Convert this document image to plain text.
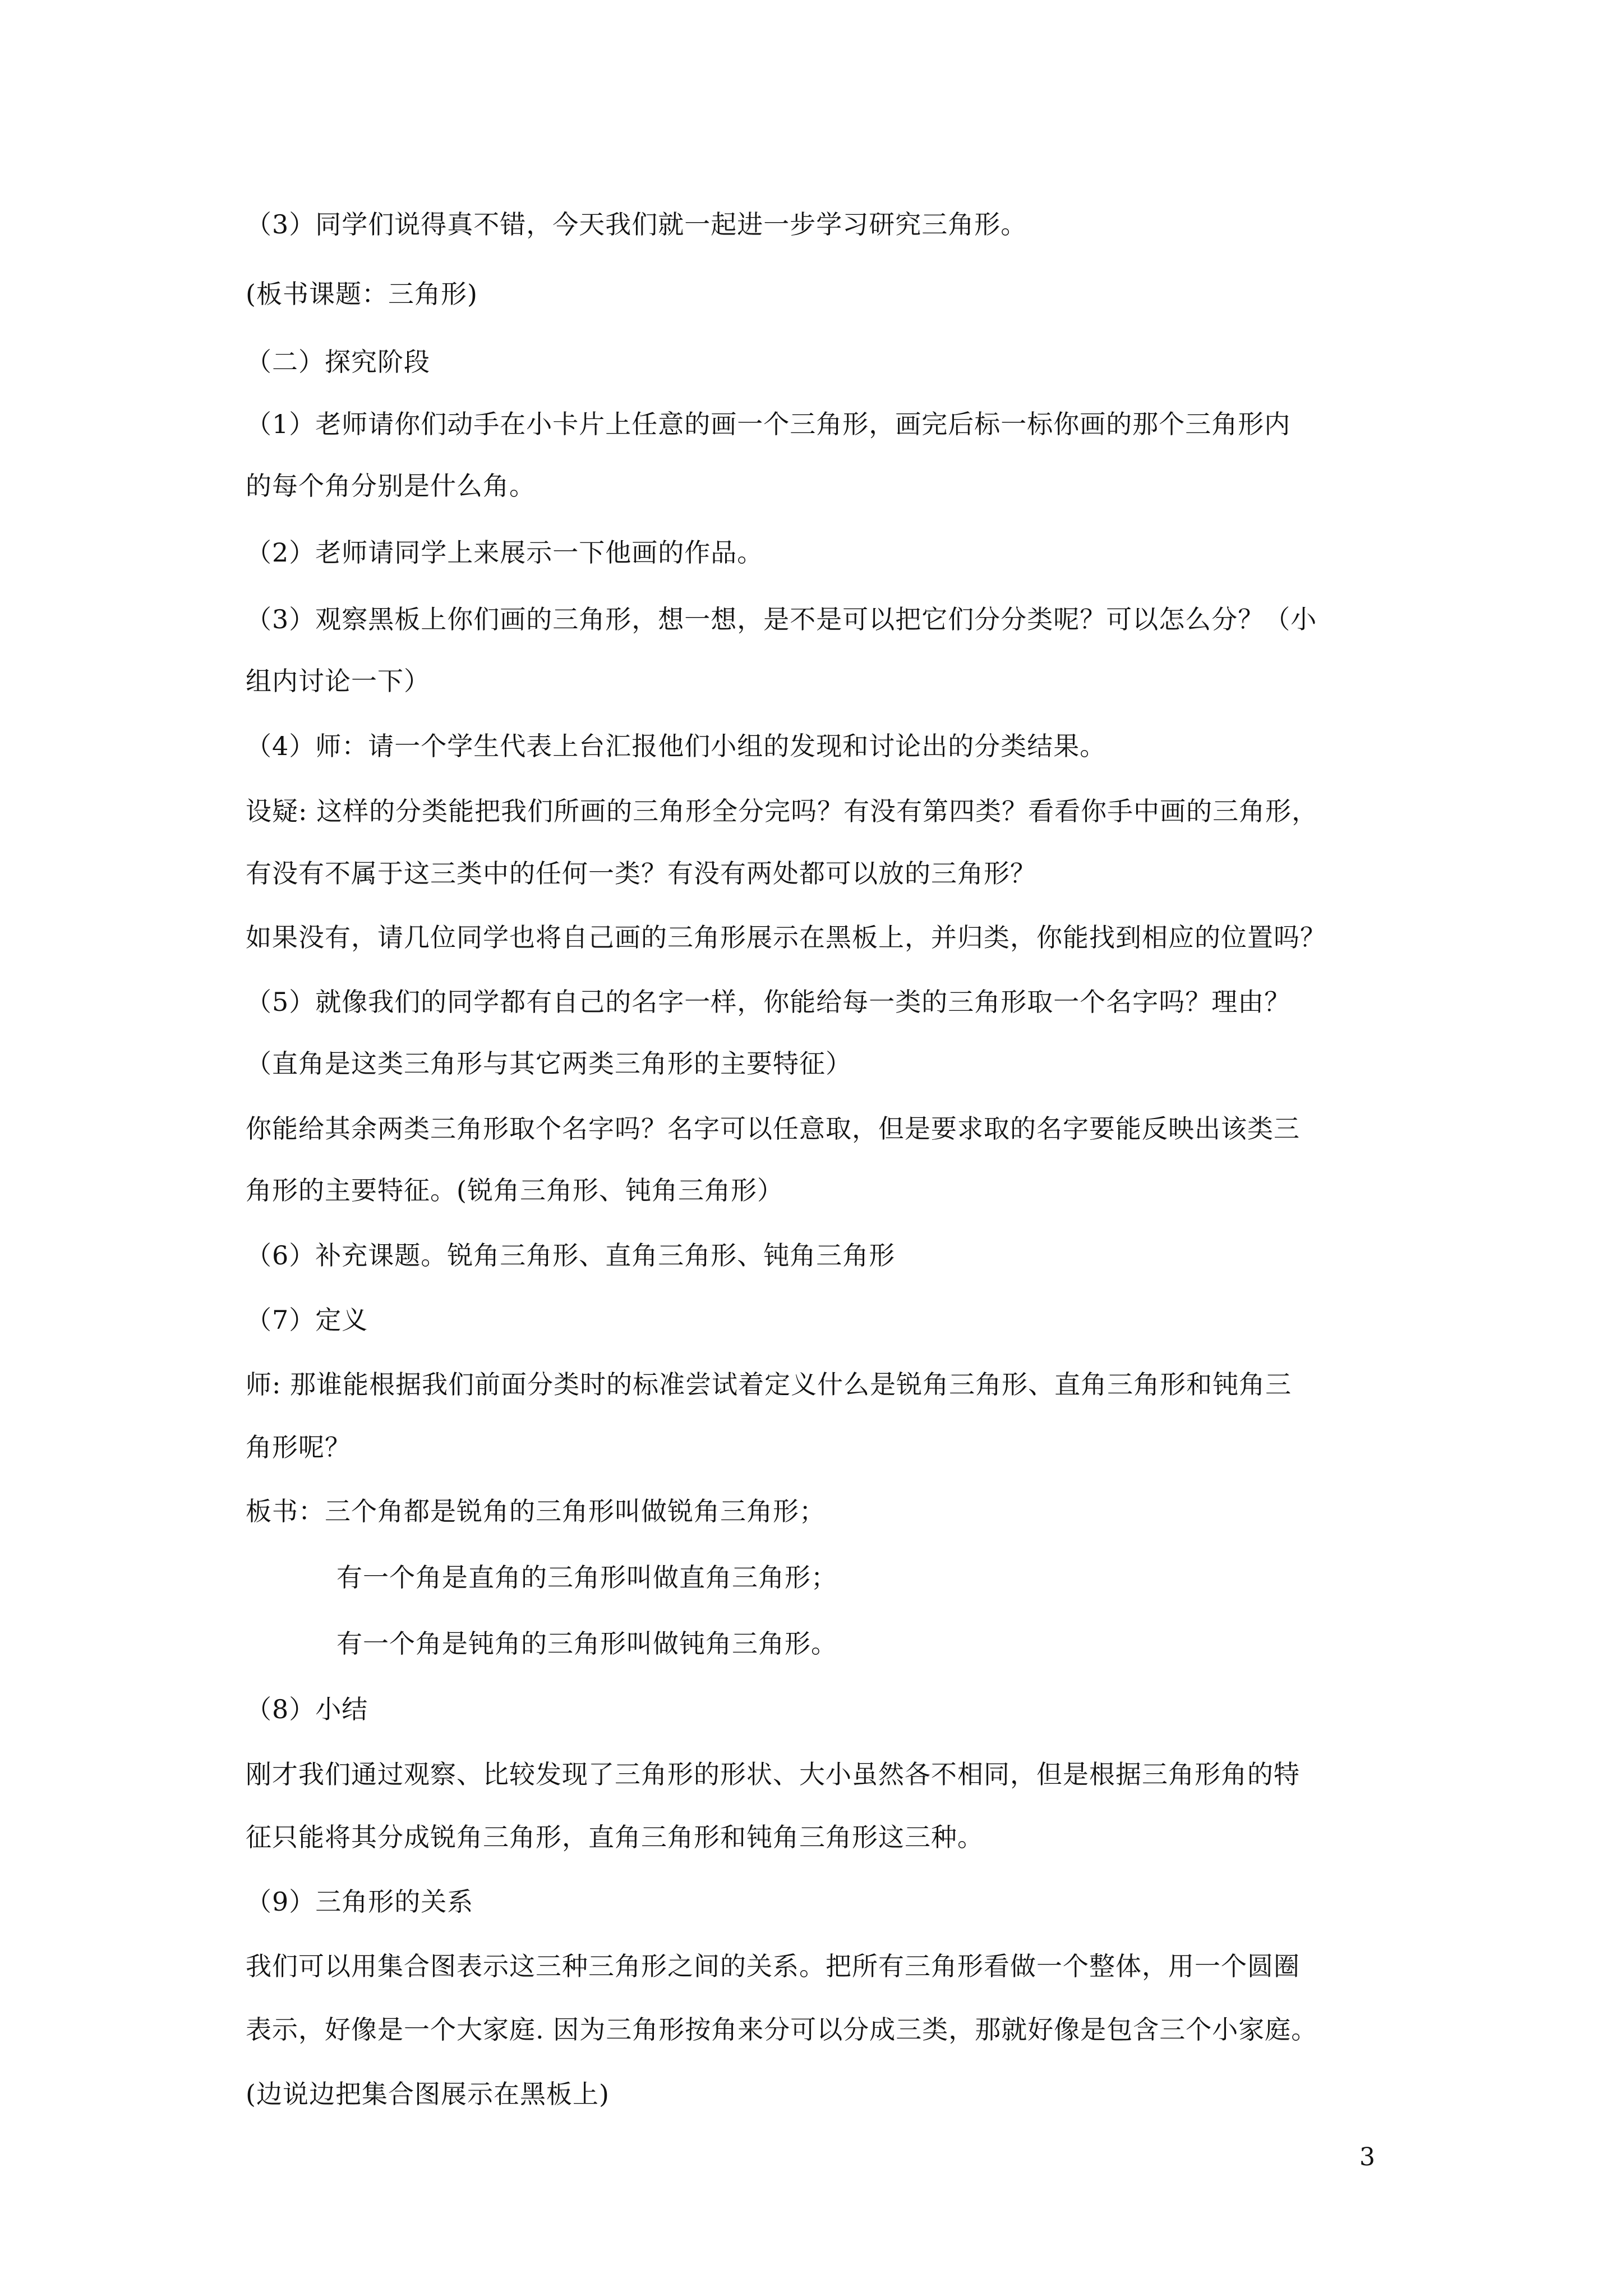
（3）同学们说得真不错，今天我们就一起进一步学习研究三角形。
(板书课题：三角形)
（二）探究阶段
（1）老师请你们动手在小卡片上任意的画一个三角形，画完后标一标你画的那个三角形内
的每个角分别是什么角。
（2）老师请同学上来展示一下他画的作品。
（3）观察黑板上你们画的三角形，想一想，是不是可以把它们分分类呢？可以怎么分？（小
组内讨论一下）
（4）师：请一个学生代表上台汇报他们小组的发现和讨论出的分类结果。
设疑: 这样的分类能把我们所画的三角形全分完吗？有没有第四类？看看你手中画的三角形，
有没有不属于这三类中的任何一类？有没有两处都可以放的三角形？
如果没有，请几位同学也将自己画的三角形展示在黑板上，并归类，你能找到相应的位置吗？
（5）就像我们的同学都有自己的名字一样，你能给每一类的三角形取一个名字吗？理由？
（直角是这类三角形与其它两类三角形的主要特征）
你能给其余两类三角形取个名字吗？名字可以任意取，但是要求取的名字要能反映出该类三
角形的主要特征。(锐角三角形、钝角三角形）
（6）补充课题。锐角三角形、直角三角形、钝角三角形
（7）定义
师: 那谁能根据我们前面分类时的标准尝试着定义什么是锐角三角形、直角三角形和钝角三
角形呢？
板书：三个角都是锐角的三角形叫做锐角三角形；
有一个角是直角的三角形叫做直角三角形；
有一个角是钝角的三角形叫做钝角三角形。
（8）小结
刚才我们通过观察、比较发现了三角形的形状、大小虽然各不相同，但是根据三角形角的特
征只能将其分成锐角三角形，直角三角形和钝角三角形这三种。
（9）三角形的关系
我们可以用集合图表示这三种三角形之间的关系。把所有三角形看做一个整体，用一个圆圈
表示，好像是一个大家庭. 因为三角形按角来分可以分成三类，那就好像是包含三个小家庭。
(边说边把集合图展示在黑板上)
3
